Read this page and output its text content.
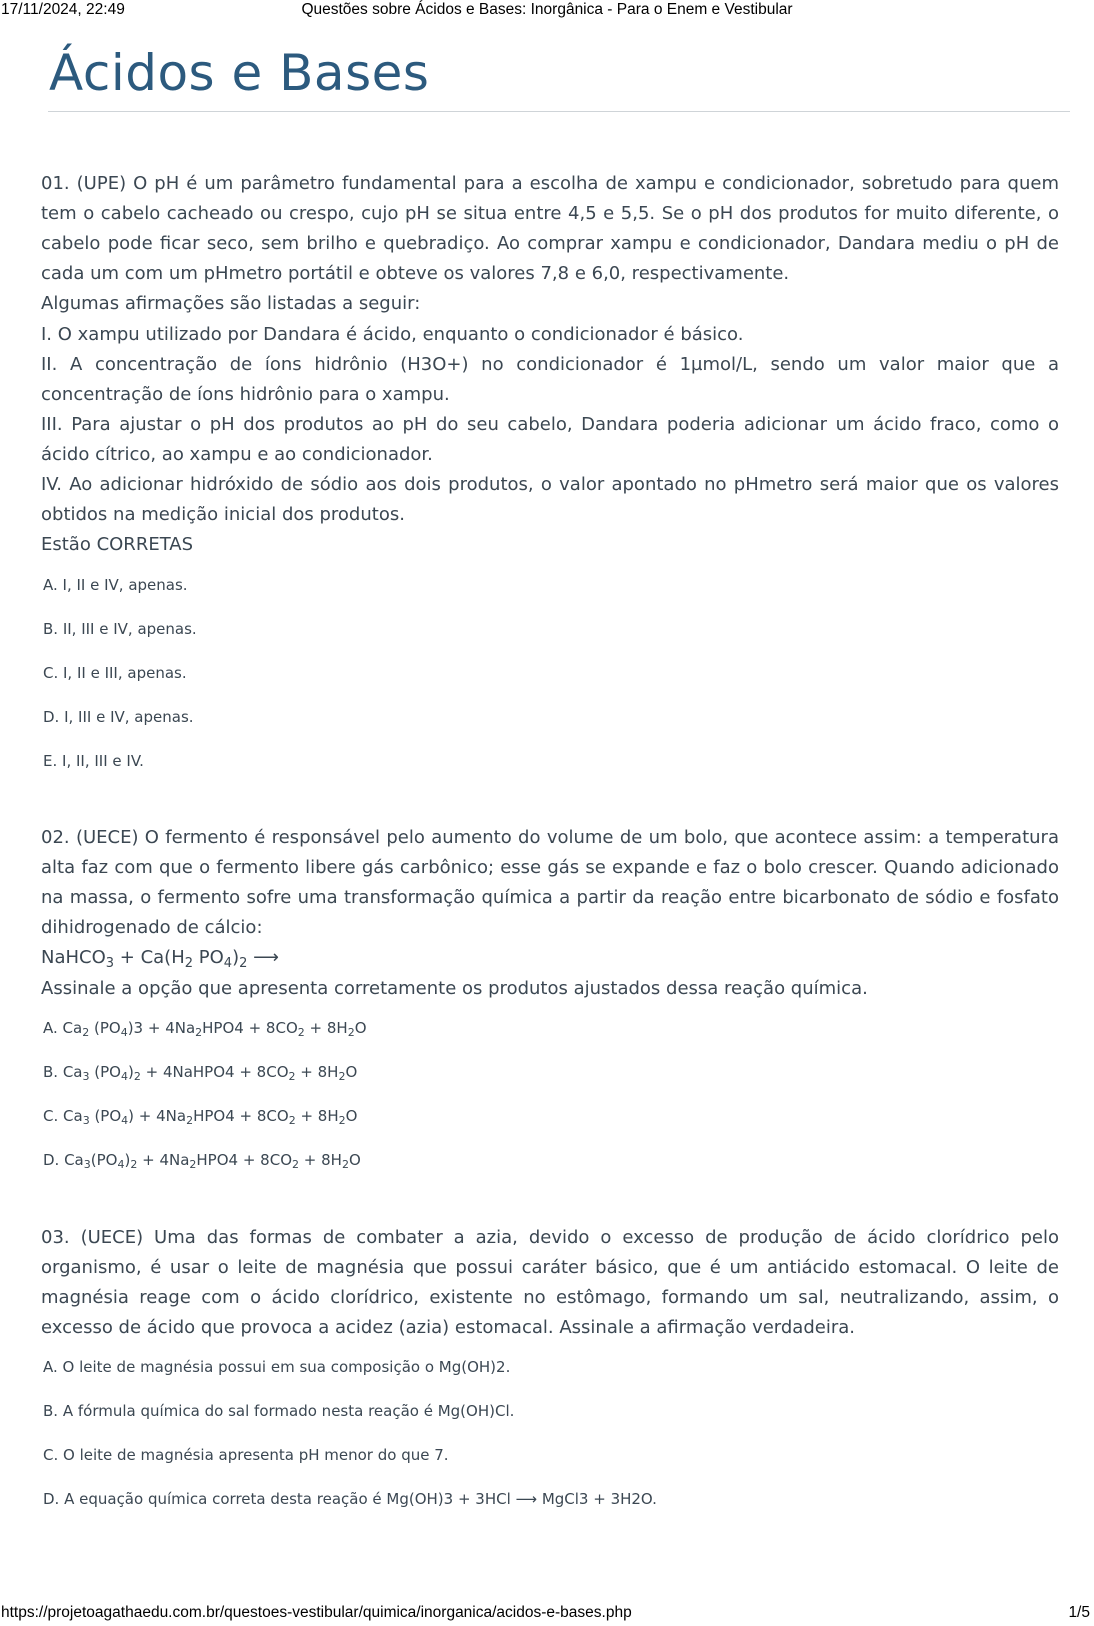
17/11/2024, 22:49	Questões sobre Ácidos e Bases: Inorgânica - Para o Enem e Vestibular
Ácidos e Bases

01. (UPE) O pH é um parâmetro fundamental para a escolha de xampu e condicionador, sobretudo para quem tem o cabelo cacheado ou crespo, cujo pH se situa entre 4,5 e 5,5. Se o pH dos produtos for muito diferente, o cabelo pode ficar seco, sem brilho e quebradiço. Ao comprar xampu e condicionador, Dandara mediu o pH de cada um com um pHmetro portátil e obteve os valores 7,8 e 6,0, respectivamente.

Algumas afirmações são listadas a seguir:

I. O xampu utilizado por Dandara é ácido, enquanto o condicionador é básico.

II. A concentração de íons hidrônio (H3O+) no condicionador é 1µmol/L, sendo um valor maior que a concentração de íons hidrônio para o xampu.

III. Para ajustar o pH dos produtos ao pH do seu cabelo, Dandara poderia adicionar um ácido fraco, como o ácido cítrico, ao xampu e ao condicionador.

IV. Ao adicionar hidróxido de sódio aos dois produtos, o valor apontado no pHmetro será maior que os valores obtidos na medição inicial dos produtos.

Estão CORRETAS

A. I, II e IV, apenas.
B. II, III e IV, apenas.
C. I, II e III, apenas.
D. I, III e IV, apenas.
E. I, II, III e IV.

02. (UECE) O fermento é responsável pelo aumento do volume de um bolo, que acontece assim: a temperatura alta faz com que o fermento libere gás carbônico; esse gás se expande e faz o bolo crescer. Quando adicionado na massa, o fermento sofre uma transformação química a partir da reação entre bicarbonato de sódio e fosfato dihidrogenado de cálcio:

NaHCO$_3$ + $Ca(H_2$ $PO_4)_2$ ⟶

Assinale a opção que apresenta corretamente os produtos ajustados dessa reação química.

A. $Ca_2$ $(PO_4)3 + 4Na_2HPO4 + 8CO_2 + 8H_2O$
B. $Ca_3$ $(PO_4)_2$ + 4NaHPO4 + $8CO_2 + 8H_2O$
C. $Ca_3$ $(PO_4) + 4Na_2HPO4 + 8CO_2 + 8H_2O$
D. $Ca_3(PO_4)_2 + 4Na_2HPO4 + 8CO_2 + 8H_2O$

03. (UECE) Uma das formas de combater a azia, devido o excesso de produção de ácido clorídrico pelo organismo, é usar o leite de magnésia que possui caráter básico, que é um antiácido estomacal. O leite de magnésia reage com o ácido clorídrico, existente no estômago, formando um sal, neutralizando, assim, o excesso de ácido que provoca a acidez (azia) estomacal. Assinale a afirmação verdadeira.

A. O leite de magnésia possui em sua composição o Mg(OH)2.
B. A fórmula química do sal formado nesta reação é Mg(OH)Cl.
C. O leite de magnésia apresenta pH menor do que 7.
D. A equação química correta desta reação é Mg(OH)3 + 3HCl ⟶ MgCl3 + 3H2O.
https://projetoagathaedu.com.br/questoes-vestibular/quimica/inorganica/acidos-e-bases.php	1/5
